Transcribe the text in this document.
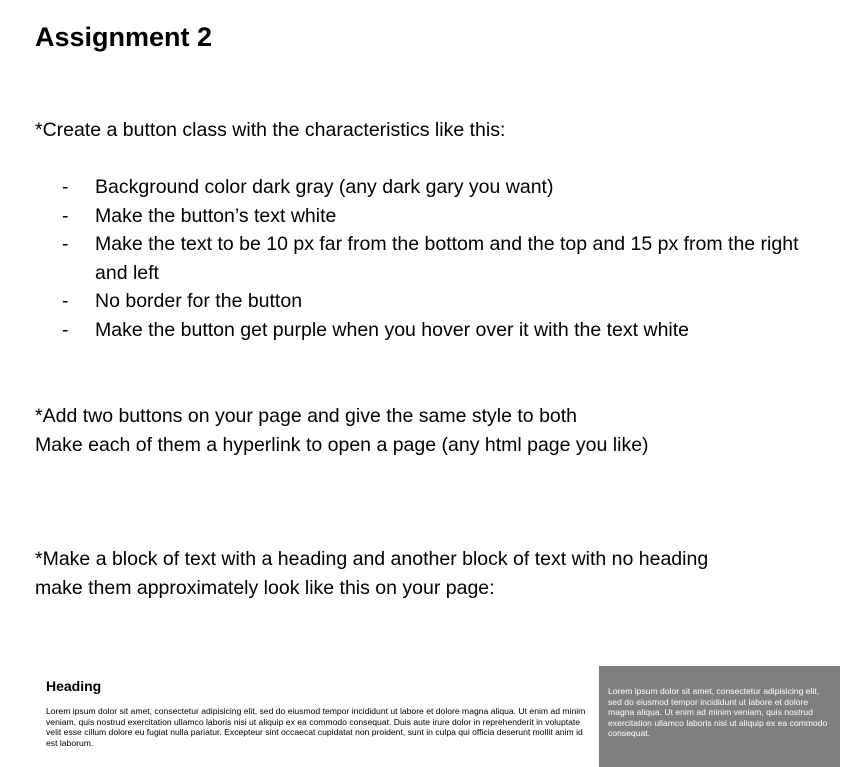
Assignment 2

*Create a button class with the characteristics like this:

-	Background color dark gray (any dark gary you want)
-	Make the button’s text white
-	Make the text to be 10 px far from the bottom and the top and 15 px from the right and left
-	No border for the button
-	Make the button get purple when you hover over it with the text white
*Add two buttons on your page and give the same style to both
Make each of them a hyperlink to open a page (any html page you like)
*Make a block of text with a heading and another block of text with no heading
make them approximately look like this on your page:
Heading

Lorem ipsum dolor sit amet, consectetur adipisicing elit, sed do eiusmod tempor incididunt ut labore et dolore magna aliqua. Ut enim ad minim veniam, quis nostrud exercitation ullamco laboris nisi ut aliquip ex ea commodo consequat. Duis aute irure dolor in reprehenderit in voluptate velit esse cillum dolore eu fugiat nulla pariatur. Excepteur sint occaecat cupidatat non proident, sunt in culpa qui officia deserunt mollit anim id est laborum.

Lorem ipsum dolor sit amet, consectetur adipisicing elit, sed do eiusmod tempor incididunt ut labore et dolore magna aliqua. Ut enim ad minim veniam, quis nostrud exercitation ullamco laboris nisi ut aliquip ex ea commodo consequat.
